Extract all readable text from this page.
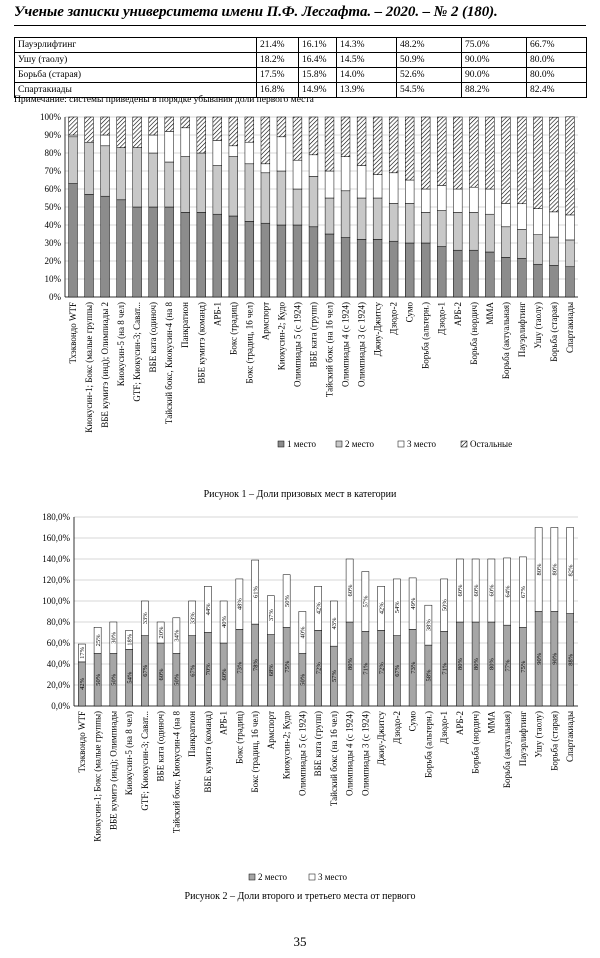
Ученые записки университета имени П.Ф. Лесгафта. – 2020. – № 2 (180).
Пауэрлифтинг	21.4%	16.1%	14.3%	48.2%	75.0%	66.7%
Ушу (таолу)	18.2%	16.4%	14.5%	50.9%	90.0%	80.0%
Борьба (старая)	17.5%	15.8%	14.0%	52.6%	90.0%	80.0%
Спартакиады	16.8%	14.9%	13.9%	54.5%	88.2%	82.4%
Примечание: системы приведены в порядке убывания доли первого места
0%
10%
20%
30%
40%
50%
60%
70%
80%
90%
100%
Тхэквондо WTF Киокусин-1; Бокс (малые группы) ВБЕ кумитэ (инд); Олимпиады 2 Киокусин-5 (на 8 чел) GTF; Киокусин-3; Сават... ВБЕ ката (одиноч) Тайский бокс, Киокусин-4 (на 8 Панкратион ВБЕ кумитэ (команд) АРБ-1 Бокс (традиц) Бокс (традиц, 16 чел) Армспорт Киокусин-2; Кудо Олимпиады 5 (с 1924) ВБЕ ката (групп) Тайский бокс (на 16 чел) Олимпиады 4 (с 1924) Олимпиады 3 (с 1924) Джиу-Джитсу Дзюдо-2 Сумо Борьба (альтерн.) Дзюдо-1 АРБ-2 Борьба (нордич) ММА Борьба (актуальная) Пауэрлифтинг Ушу (таолу) Борьба (старая) Спартакиады
1 место	2 место	3 место	Остальные
Рисунок 1 – Доли призовых мест в категории
0,0%
20,0%
40,0%
60,0%
80,0%
100,0%
120,0%
140,0%
160,0%
180,0%
42%
17%
Тхэквондо WTF
50%
25%
Киокусин-1; Бокс (малые группы)
50%
30%
ВБЕ кумитэ (инд); Олимпиады
54%
18%
Киокусин-5 (на 8 чел)
67%
33%
GTF; Киокусин-3; Сават...
60%
20%
ВБЕ ката (одиноч)
50%
34%
Тайский бокс, Киокусин-4 (на 8
67%
33%
Панкратион
70%
44%
ВБЕ кумитэ (команд)
60%
40%
АРБ-1
73%
48%
Бокс (традиц)
78%
61%
Бокс (традиц, 16 чел)
68%
37%
Армспорт
75%
50%
Киокусин-2; Кудо
50%
40%
Олимпиады 5 (с 1924)
72%
42%
ВБЕ ката (групп)
57%
43%
Тайский бокс (на 16 чел)
80%
60%
Олимпиады 4 (с 1924)
71%
57%
Олимпиады 3 (с 1924)
72%
42%
Джиу-Джитсу
67%
54%
Дзюдо-2
73%
49%
Сумо
58%
38%
Борьба (альтерн.)
71%
50%
Дзюдо-1
80%
60%
АРБ-2
80%
60%
Борьба (нордич)
80%
60%
ММА
77%
64%
Борьба (актуальная)
75%
67%
Пауэрлифтинг
90%
80%
Ушу (таолу)
90%
80%
Борьба (старая)
88%
82%
Спартакиады
2 место	3 место
Рисунок 2 – Доли второго и третьего места от первого
35
